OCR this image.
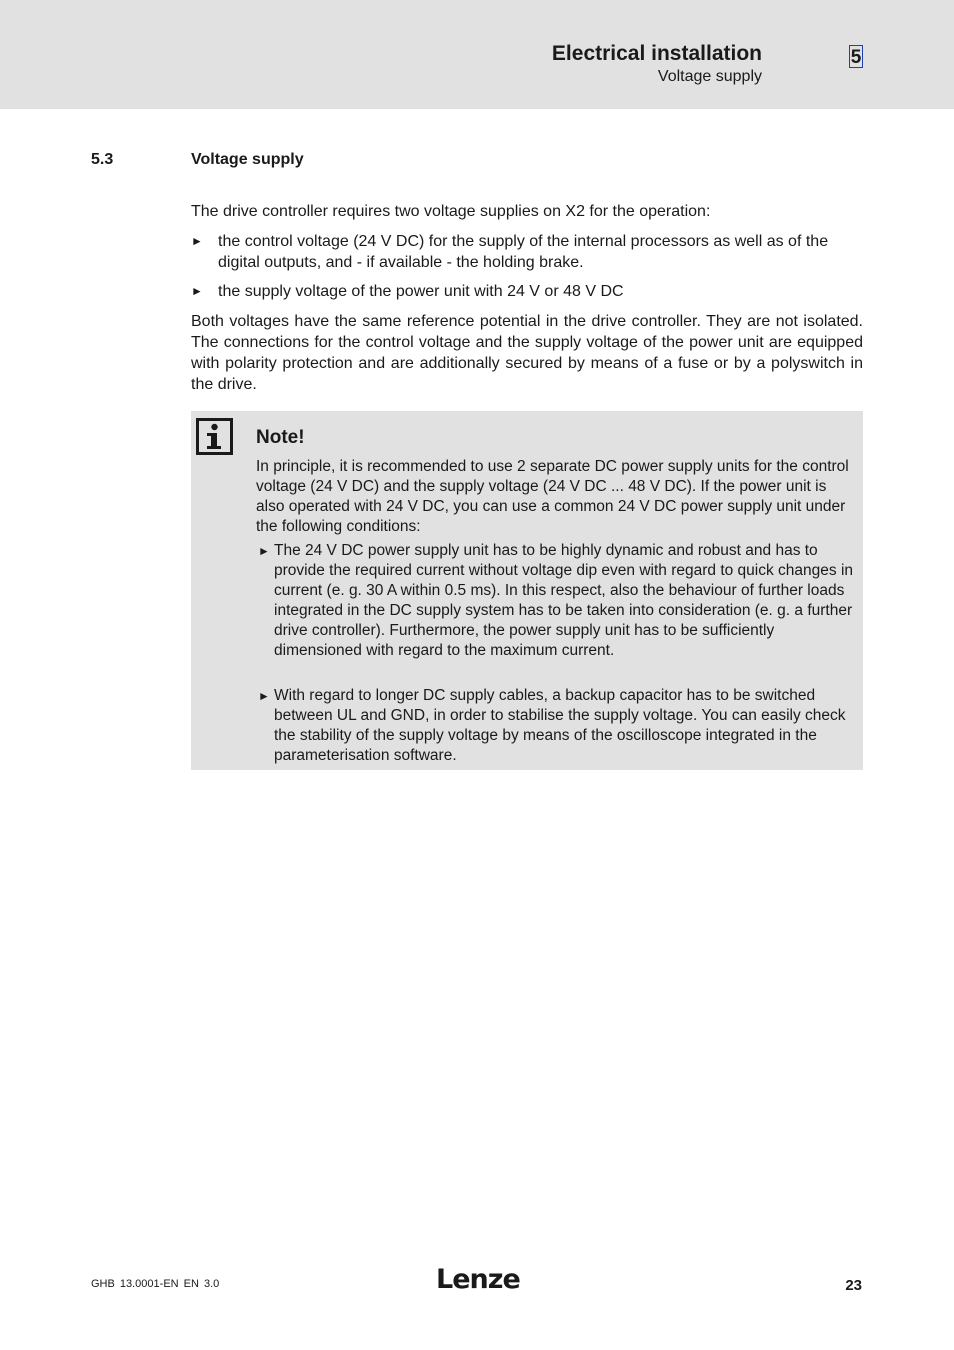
Electrical installation
Voltage supply
5
5.3	Voltage supply
The drive controller requires two voltage supplies on X2 for the operation:
► the control voltage (24 V DC) for the supply of the internal processors as well as of the digital outputs, and - if available - the holding brake.
► the supply voltage of the power unit with 24 V or 48 V DC
Both voltages have the same reference potential in the drive controller. They are not isolated. The connections for the control voltage and the supply voltage of the power unit are equipped with polarity protection and are additionally secured by means of a fuse or by a polyswitch in the drive.
Note!
In principle, it is recommended to use 2 separate DC power supply units for the control voltage (24 V DC) and the supply voltage (24 V DC ... 48 V DC). If the power unit is also operated with 24 V DC, you can use a common 24 V DC power supply unit under the following conditions:
► The 24 V DC power supply unit has to be highly dynamic and robust and has to provide the required current without voltage dip even with regard to quick changes in current (e. g. 30 A within 0.5 ms). In this respect, also the behaviour of further loads integrated in the DC supply system has to be taken into consideration (e. g. a further drive controller). Furthermore, the power supply unit has to be sufficiently dimensioned with regard to the maximum current.
► With regard to longer DC supply cables, a backup capacitor has to be switched between UL and GND, in order to stabilise the supply voltage. You can easily check the stability of the supply voltage by means of the oscilloscope integrated in the parameterisation software.
GHB 13.0001-EN EN 3.0	Lenze	23
